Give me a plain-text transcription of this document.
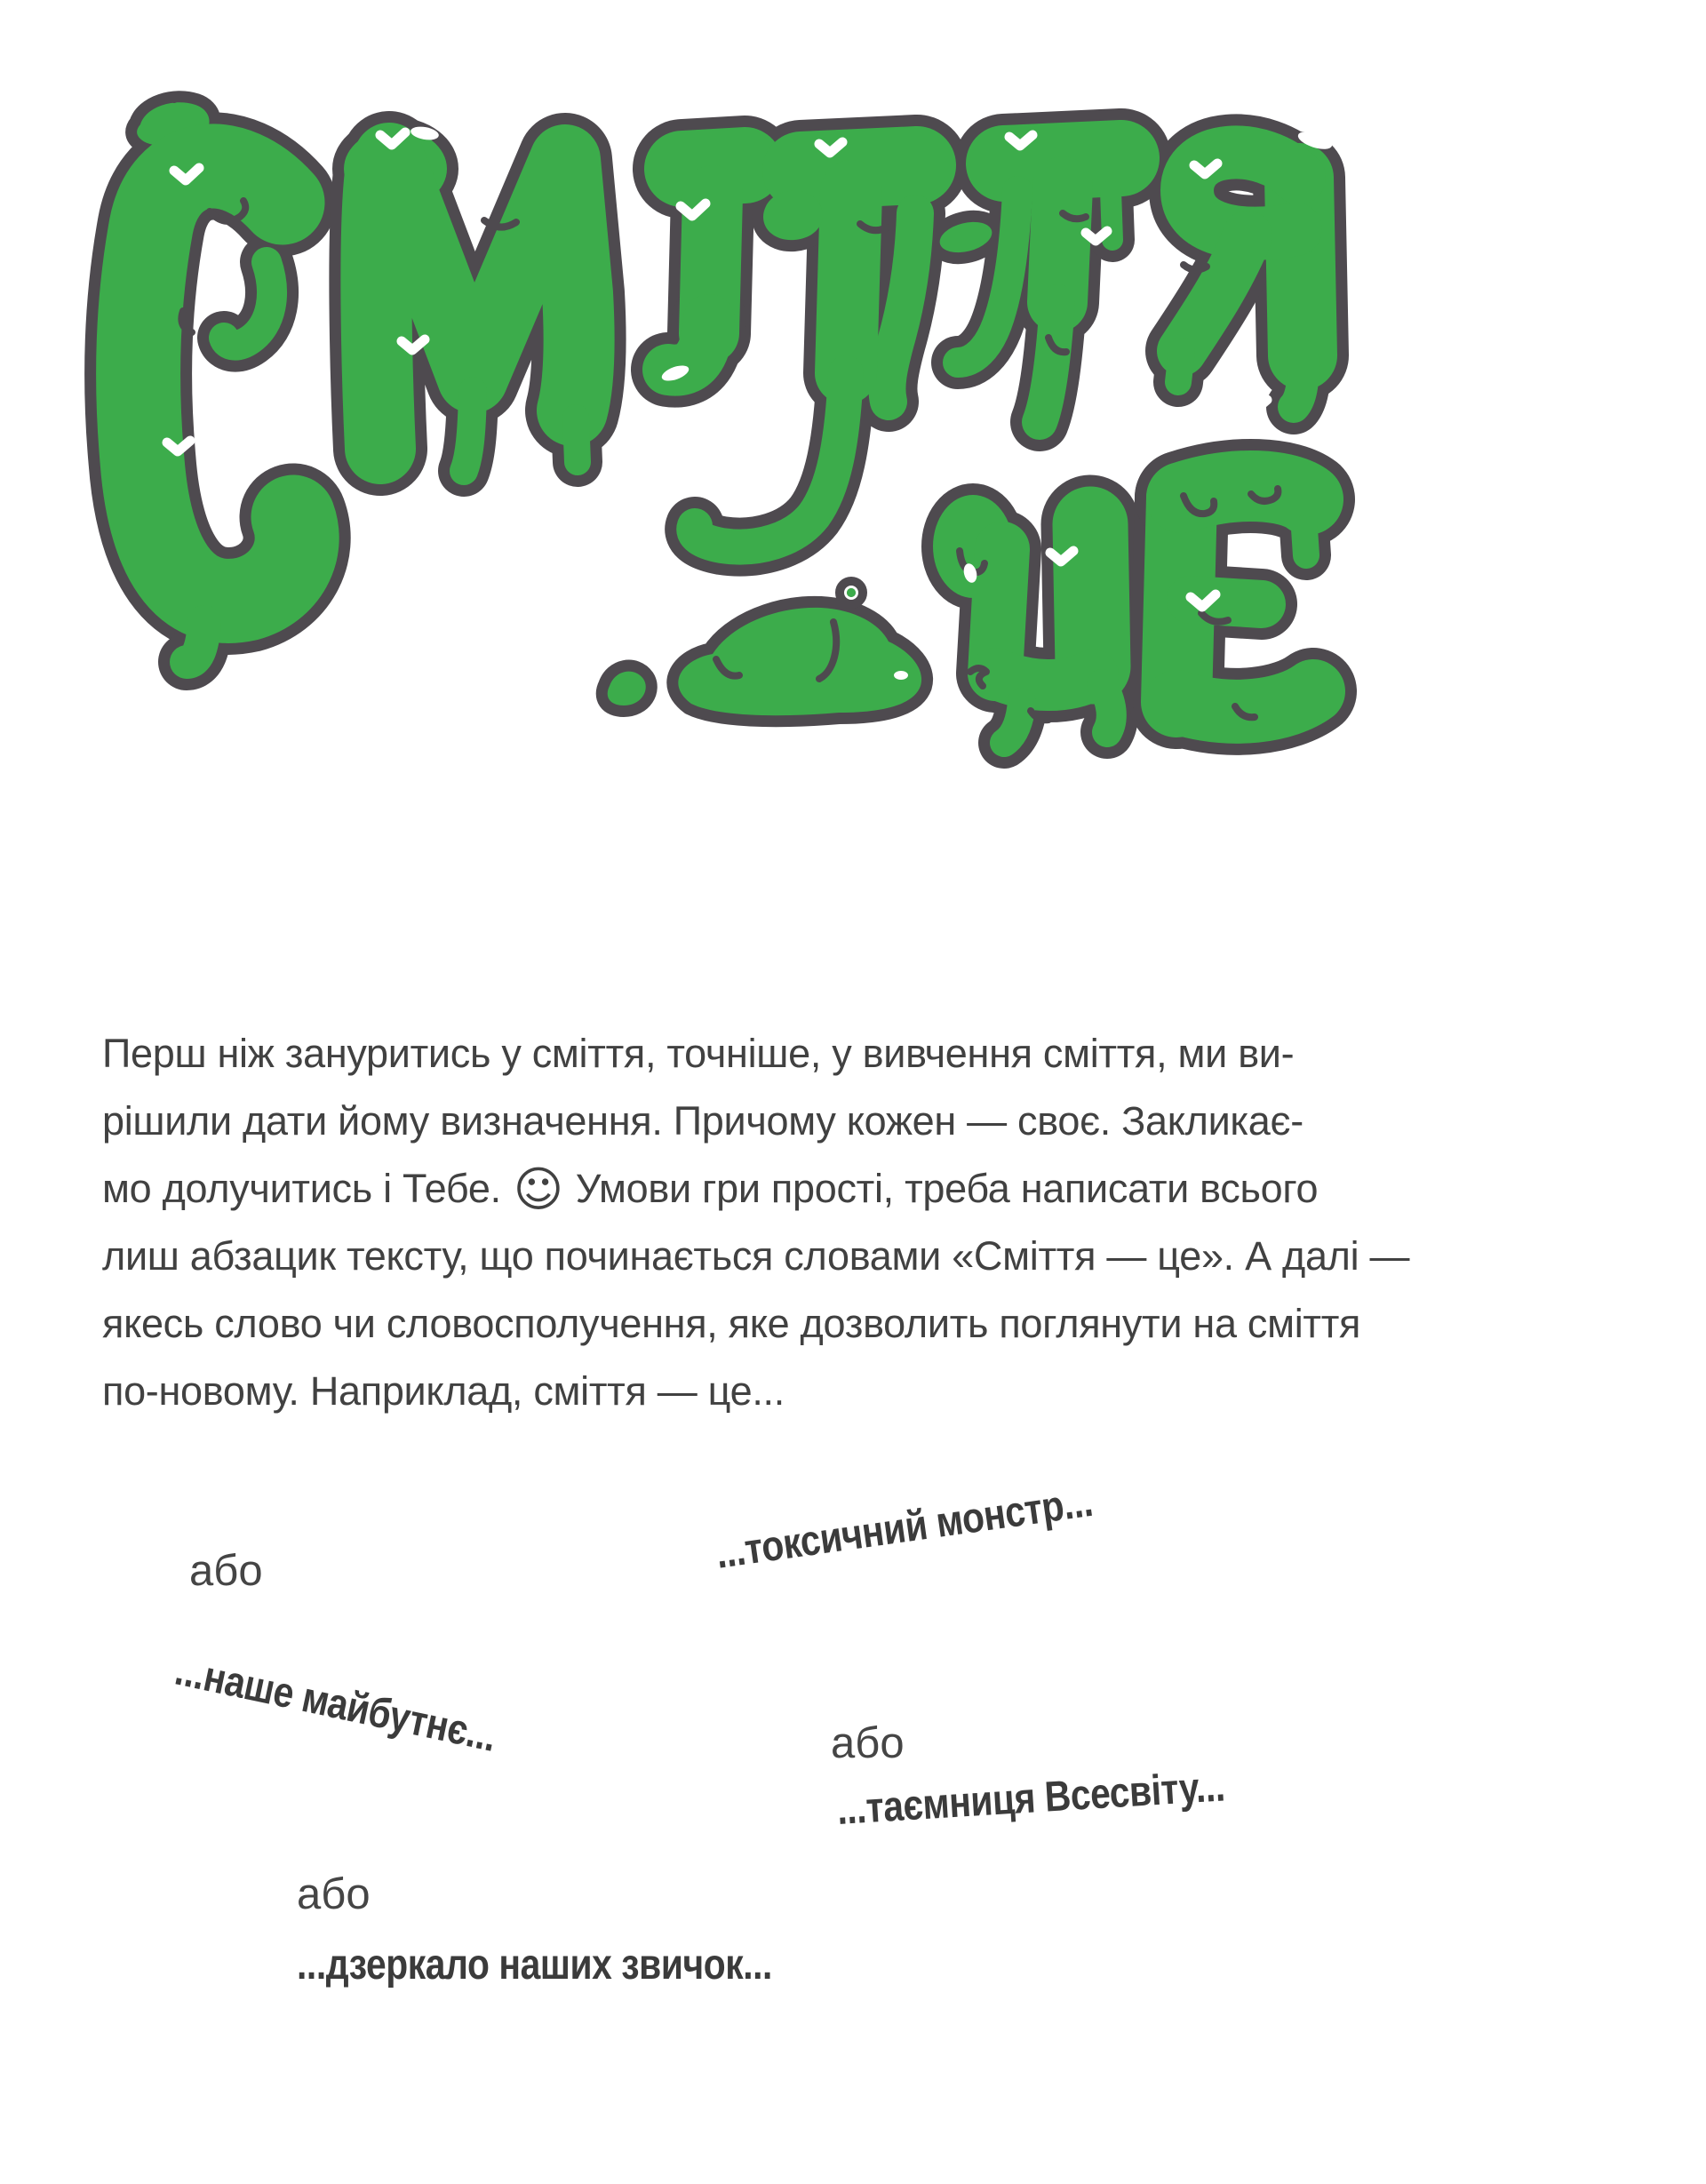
Перш ніж зануритись у сміття, точніше, у вивчення сміття, ми ви-
рішили дати йому визначення. Причому кожен — своє. Закликає-
мо долучитись і Тебе. ☺ Умови гри прості, треба написати всього
лиш абзацик тексту, що починається словами «Сміття — це». А далі —
якесь слово чи словосполучення, яке дозволить поглянути на сміття
по-новому. Наприклад, сміття — це...
...токсичний монстр...
або
...наше майбутнє...	або
...таємниця Всесвіту...
або
...дзеркало наших звичок...
